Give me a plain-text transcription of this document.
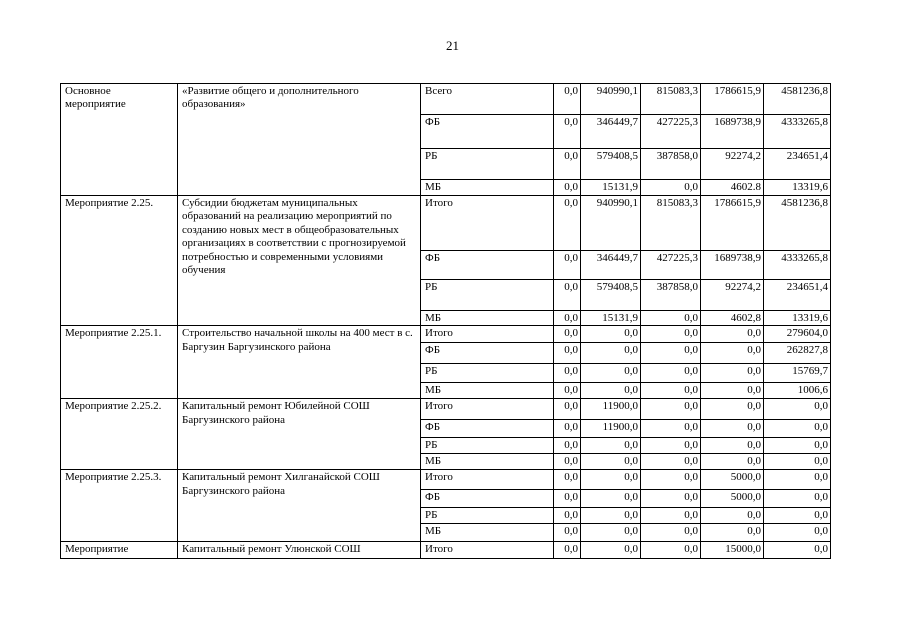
21
Основное мероприятие	«Развитие общего и дополнительного образования»	Всего	0,0	940990,1	815083,3	1786615,9	4581236,8
		ФБ	0,0	346449,7	427225,3	1689738,9	4333265,8
		РБ	0,0	579408,5	387858,0	92274,2	234651,4
		МБ	0,0	15131,9	0,0	4602.8	13319,6
Мероприятие 2.25.	Субсидии бюджетам муниципальных образований на реализацию мероприятий по созданию новых мест в общеобразовательных организациях в соответствии с прогнозируемой потребностью и современными условиями обучения	Итого	0,0	940990,1	815083,3	1786615,9	4581236,8
		ФБ	0,0	346449,7	427225,3	1689738,9	4333265,8
		РБ	0,0	579408,5	387858,0	92274,2	234651,4
		МБ	0,0	15131,9	0,0	4602,8	13319,6
Мероприятие 2.25.1.	Строительство начальной школы на 400 мест в с. Баргузин Баргузинского района	Итого	0,0	0,0	0,0	0,0	279604,0
		ФБ	0,0	0,0	0,0	0,0	262827,8
		РБ	0,0	0,0	0,0	0,0	15769,7
		МБ	0,0	0,0	0,0	0,0	1006,6
Мероприятие 2.25.2.	Капитальный ремонт Юбилейной СОШ Баргузинского района	Итого	0,0	11900,0	0,0	0,0	0,0
		ФБ	0,0	11900,0	0,0	0,0	0,0
		РБ	0,0	0,0	0,0	0,0	0,0
		МБ	0,0	0,0	0,0	0,0	0,0
Мероприятие 2.25.3.	Капитальный ремонт Хилганайской СОШ Баргузинского района	Итого	0,0	0,0	0,0	5000,0	0,0
		ФБ	0,0	0,0	0,0	5000,0	0,0
		РБ	0,0	0,0	0,0	0,0	0,0
		МБ	0,0	0,0	0,0	0,0	0,0
Мероприятие	Капитальный ремонт Улюнской СОШ	Итого	0,0	0,0	0,0	15000,0	0,0
